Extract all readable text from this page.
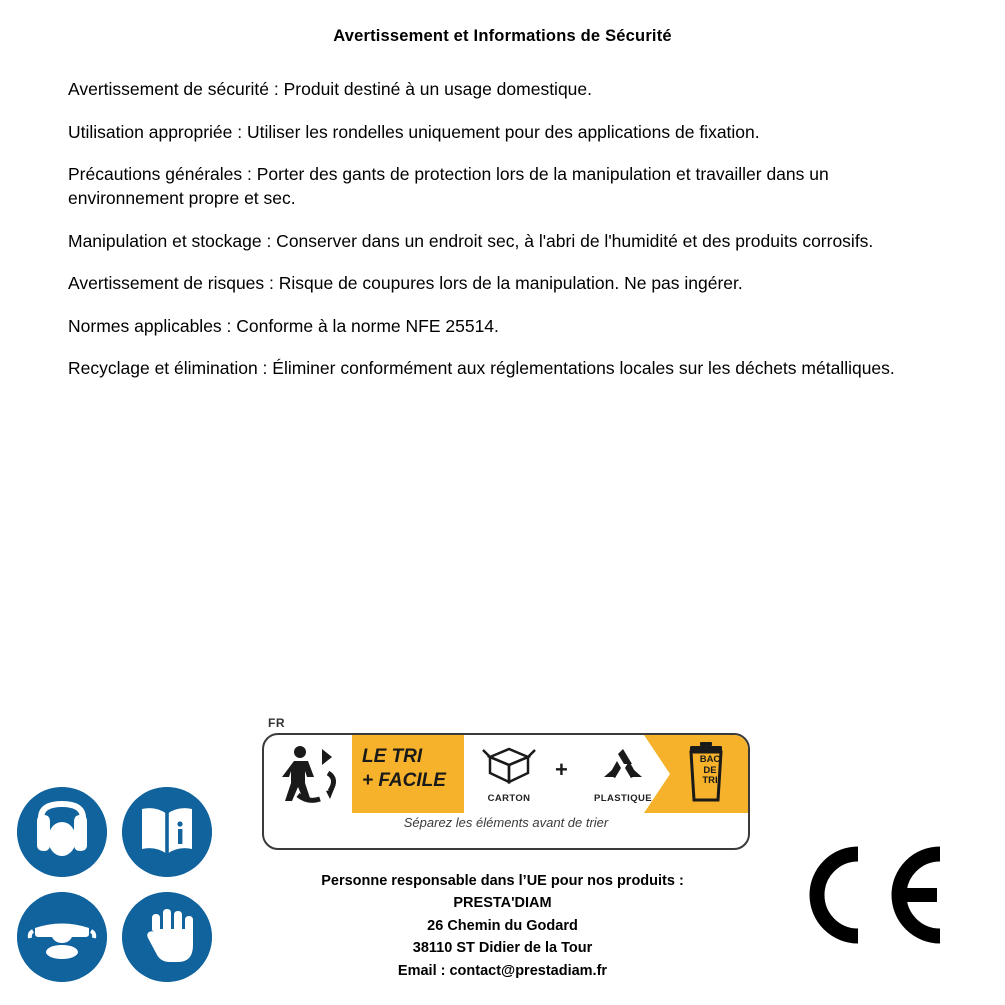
Avertissement et Informations de Sécurité
Avertissement de sécurité : Produit destiné à un usage domestique.
Utilisation appropriée : Utiliser les rondelles uniquement pour des applications de fixation.
Précautions générales : Porter des gants de protection lors de la manipulation et travailler dans un environnement propre et sec.
Manipulation et stockage : Conserver dans un endroit sec, à l'abri de l'humidité et des produits corrosifs.
Avertissement de risques : Risque de coupures lors de la manipulation. Ne pas ingérer.
Normes applicables : Conforme à la norme NFE 25514.
Recyclage et élimination : Éliminer conformément aux réglementations locales sur les déchets métalliques.
FR
LE TRI
+ FACILE
CARTON
+
PLASTIQUE
BAC
DE
TRI
Séparez les éléments avant de trier
Personne responsable dans l’UE pour nos produits :
PRESTA'DIAM
26 Chemin du Godard
38110 ST Didier de la Tour
Email : contact@prestadiam.fr
